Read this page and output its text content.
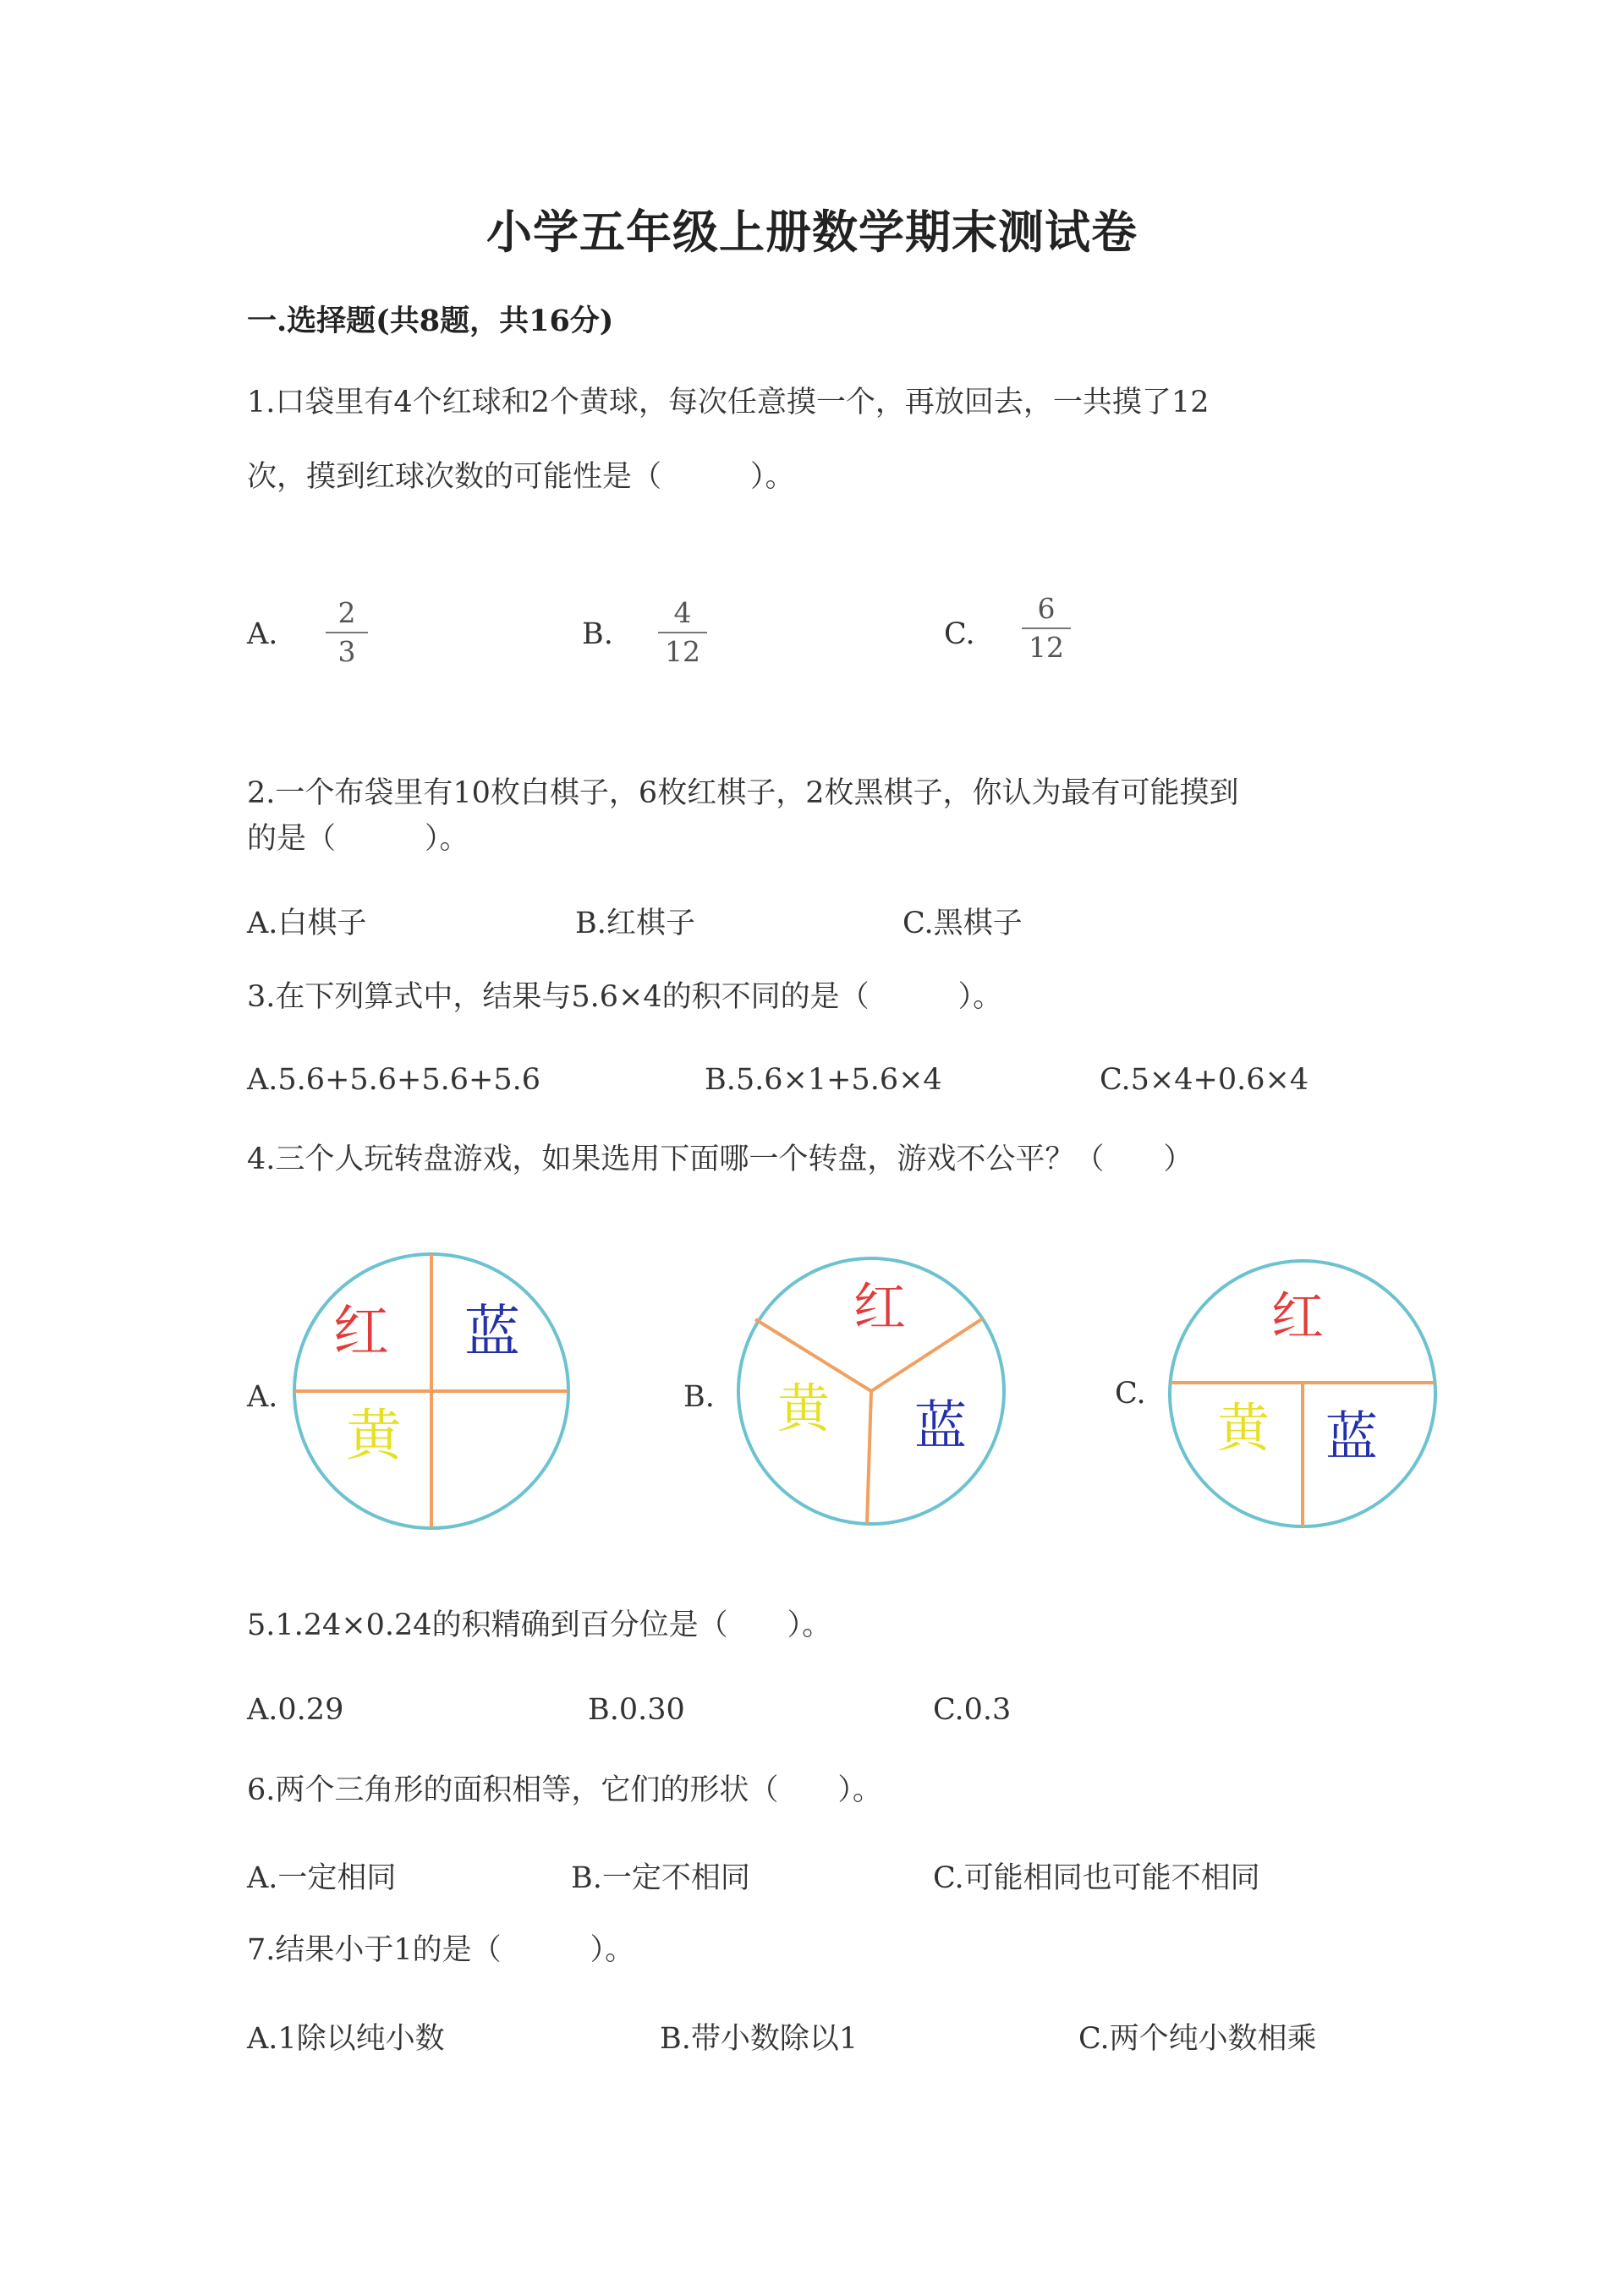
小学五年级上册数学期末测试卷
一.选择题(共8题，共16分)
1.口袋里有4个红球和2个黄球，每次任意摸一个，再放回去，一共摸了12
次，摸到红球次数的可能性是（　　　）。
A.
2
3
B.
4
12
C.
6
12
2.一个布袋里有10枚白棋子，6枚红棋子，2枚黑棋子，你认为最有可能摸到
的是（　　　）。
A.白棋子	B.红棋子	C.黑棋子
3.在下列算式中，结果与5.6×4的积不同的是（　　　）。
A.5.6+5.6+5.6+5.6	B.5.6×1+5.6×4	C.5×4+0.6×4
4.三个人玩转盘游戏，如果选用下面哪一个转盘，游戏不公平？（　　）
A.
红 蓝
黄
B.
红
蓝
黄	C.
红
蓝
黄
5.1.24×0.24的积精确到百分位是（　　）。
A.0.29	B.0.30	C.0.3
6.两个三角形的面积相等，它们的形状（　　）。
A.一定相同	B.一定不相同	C.可能相同也可能不相同
7.结果小于1的是（　　　）。
A.1除以纯小数	B.带小数除以1	C.两个纯小数相乘
